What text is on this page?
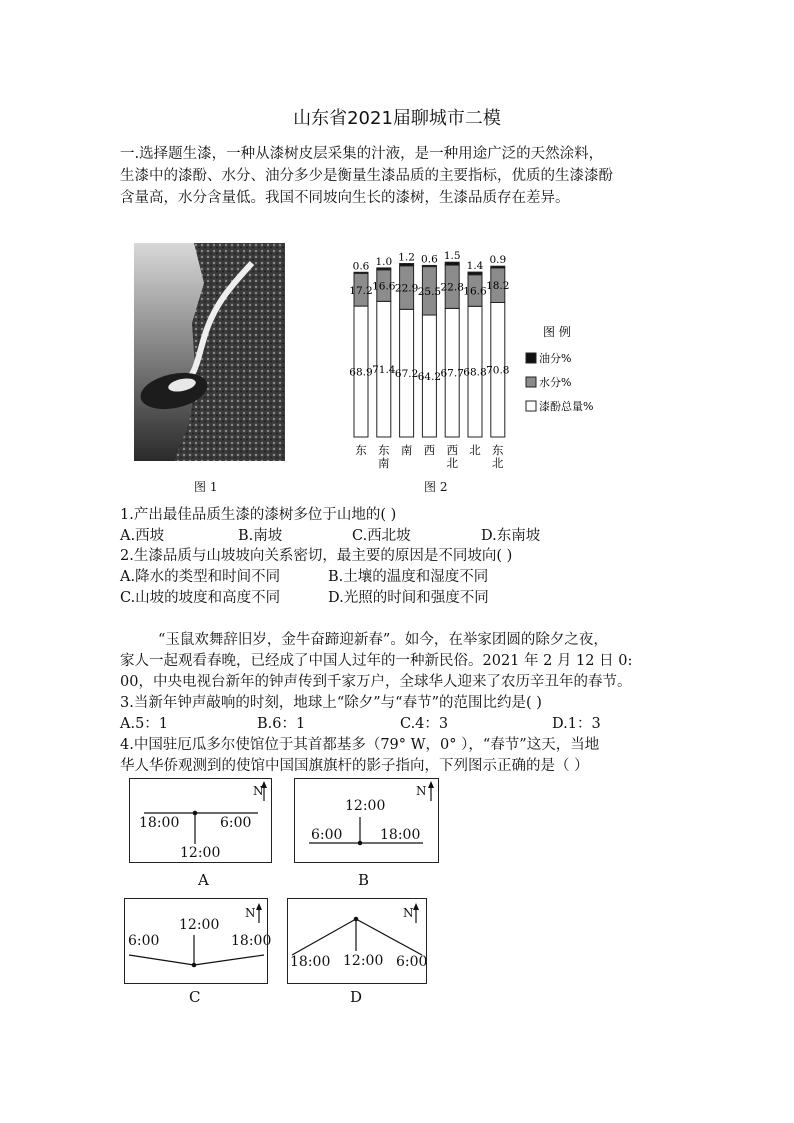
山东省2021届聊城市二模
一.选择题生漆，一种从漆树皮层采集的汁液，是一种用途广泛的天然涂料，
生漆中的漆酚、水分、油分多少是衡量生漆品质的主要指标，优质的生漆漆酚
含量高，水分含量低。我国不同坡向生长的漆树，生漆品质存在差异。
图 1
0.6
17.2
68.9
东
1.0
16.6
71.4
东
南
1.2
22.9
67.2
南
0.6
25.5
64.2
西
1.5
22.8
67.7
西
北
1.4
16.6
68.8
北
0.9
18.2
70.8
东
北
图 例
油分%
水分%
漆酚总量%
图 2
1.产出最佳品质生漆的漆树多位于山地的( )
A.西坡	B.南坡	C.西北坡	D.东南坡
2.生漆品质与山坡坡向关系密切，最主要的原因是不同坡向( )
A.降水的类型和时间不同	B.土壤的温度和湿度不同
C.山坡的坡度和高度不同	D.光照的时间和强度不同
“玉鼠欢舞辞旧岁，金牛奋蹄迎新春”。如今，在举家团圆的除夕之夜，
家人一起观看春晚，已经成了中国人过年的一种新民俗。2021 年 2 月 12 日 0:
00，中央电视台新年的钟声传到千家万户，全球华人迎来了农历辛丑年的春节。
3.当新年钟声敲响的时刻，地球上“除夕”与“春节”的范围比约是( )
A.5：1	B.6：1	C.4：3	D.1：3
4.中国驻厄瓜多尔使馆位于其首都基多（79° W，0° ），“春节”这天，当地
华人华侨观测到的使馆中国国旗旗杆的影子指向，下列图示正确的是（ ）
N
18:00	6:00
12:00
A
N
12:00
6:00	18:00
B
N
12:00
6:00	18:00
C
N
18:00 12:00 6:00
D
